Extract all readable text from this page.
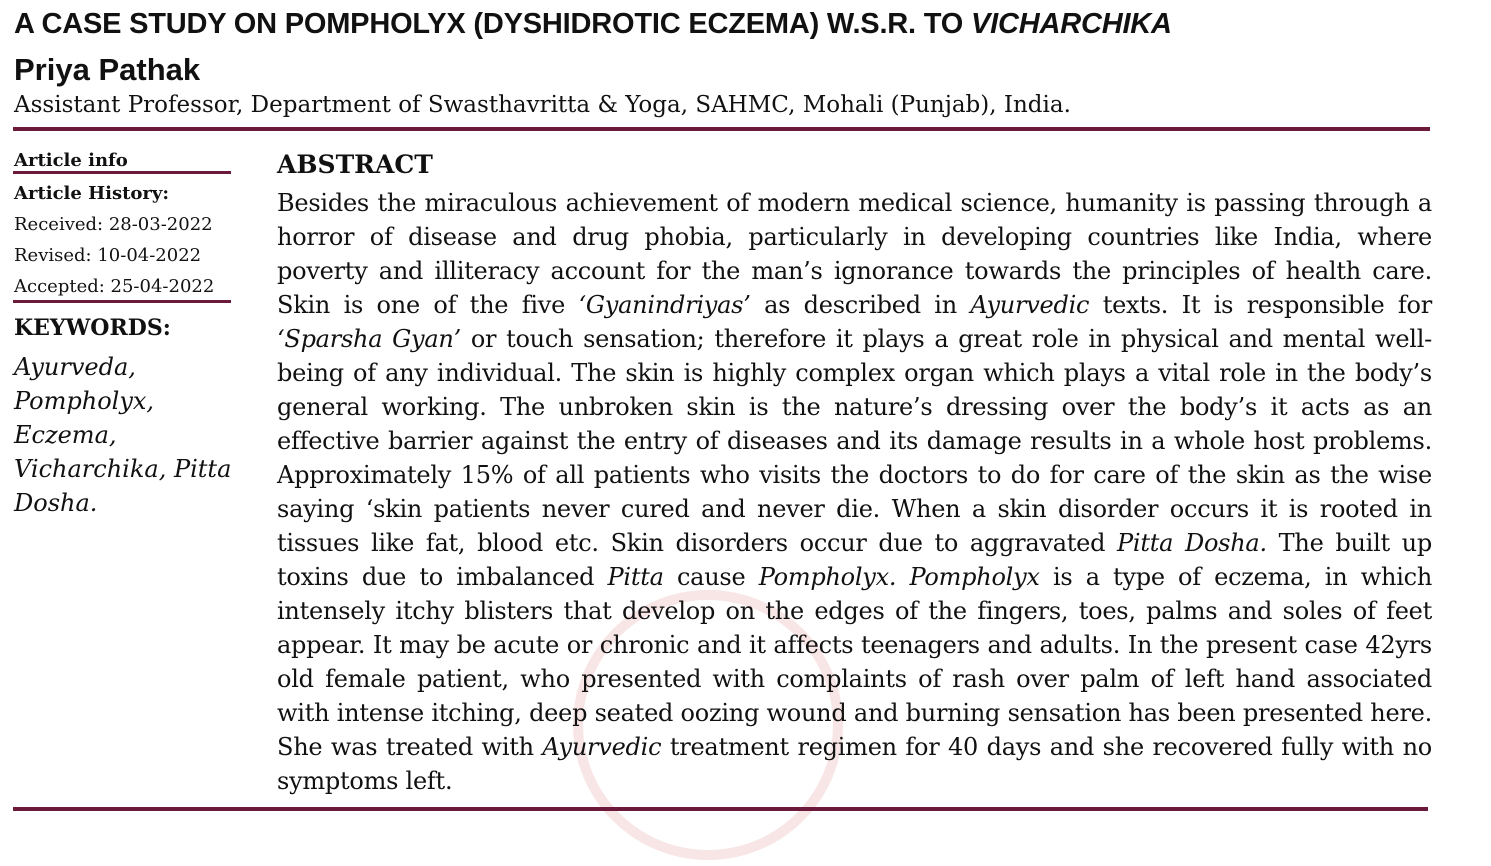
A CASE STUDY ON POMPHOLYX (DYSHIDROTIC ECZEMA) W.S.R. TO VICHARCHIKA
Priya Pathak
Assistant Professor, Department of Swasthavritta & Yoga, SAHMC, Mohali (Punjab), India.
Article info
Article History:
Received: 28-03-2022
Revised: 10-04-2022
Accepted: 25-04-2022
KEYWORDS:
Ayurveda, Pompholyx, Eczema, Vicharchika, Pitta Dosha.
ABSTRACT

Besides the miraculous achievement of modern medical science, humanity is passing through a horror of disease and drug phobia, particularly in developing countries like India, where poverty and illiteracy account for the man’s ignorance towards the principles of health care. Skin is one of the five ‘Gyanindriyas’ as described in Ayurvedic texts. It is responsible for ‘Sparsha Gyan’ or touch sensation; therefore it plays a great role in physical and mental well-being of any individual. The skin is highly complex organ which plays a vital role in the body’s general working. The unbroken skin is the nature’s dressing over the body’s it acts as an effective barrier against the entry of diseases and its damage results in a whole host problems. Approximately 15% of all patients who visits the doctors to do for care of the skin as the wise saying ‘skin patients never cured and never die. When a skin disorder occurs it is rooted in tissues like fat, blood etc. Skin disorders occur due to aggravated Pitta Dosha. The built up toxins due to imbalanced Pitta cause Pompholyx. Pompholyx is a type of eczema, in which intensely itchy blisters that develop on the edges of the fingers, toes, palms and soles of feet appear. It may be acute or chronic and it affects teenagers and adults. In the present case 42yrs old female patient, who presented with complaints of rash over palm of left hand associated with intense itching, deep seated oozing wound and burning sensation has been presented here. She was treated with Ayurvedic treatment regimen for 40 days and she recovered fully with no symptoms left.
